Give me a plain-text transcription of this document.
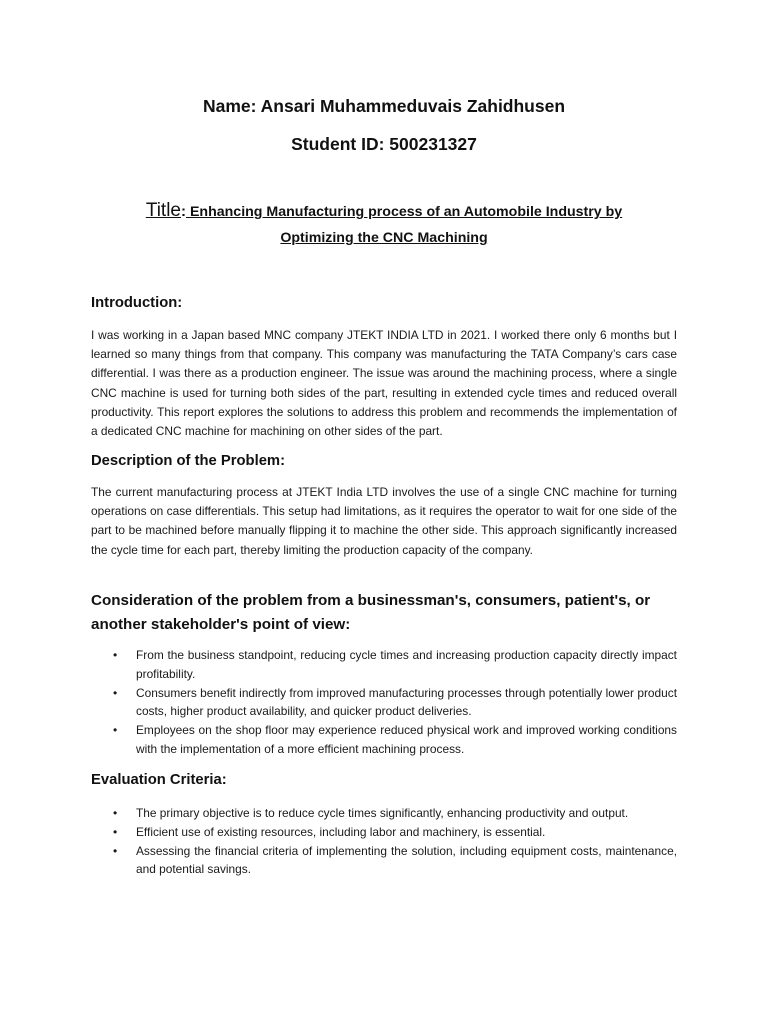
Name: Ansari Muhammeduvais Zahidhusen
Student ID: 500231327
Title: Enhancing Manufacturing process of an Automobile Industry by Optimizing the CNC Machining
Introduction:
I was working in a Japan based MNC company JTEKT INDIA LTD in 2021. I worked there only 6 months but I learned so many things from that company. This company was manufacturing the TATA Company’s cars case differential. I was there as a production engineer. The issue was around the machining process, where a single CNC machine is used for turning both sides of the part, resulting in extended cycle times and reduced overall productivity. This report explores the solutions to address this problem and recommends the implementation of a dedicated CNC machine for machining on other sides of the part.
Description of the Problem:
The current manufacturing process at JTEKT India LTD involves the use of a single CNC machine for turning operations on case differentials. This setup had limitations, as it requires the operator to wait for one side of the part to be machined before manually flipping it to machine the other side. This approach significantly increased the cycle time for each part, thereby limiting the production capacity of the company.
Consideration of the problem from a businessman's, consumers, patient's, or another stakeholder's point of view:
• From the business standpoint, reducing cycle times and increasing production capacity directly impact profitability.
• Consumers benefit indirectly from improved manufacturing processes through potentially lower product costs, higher product availability, and quicker product deliveries.
• Employees on the shop floor may experience reduced physical work and improved working conditions with the implementation of a more efficient machining process.
Evaluation Criteria:
• The primary objective is to reduce cycle times significantly, enhancing productivity and output.
• Efficient use of existing resources, including labor and machinery, is essential.
• Assessing the financial criteria of implementing the solution, including equipment costs, maintenance, and potential savings.
